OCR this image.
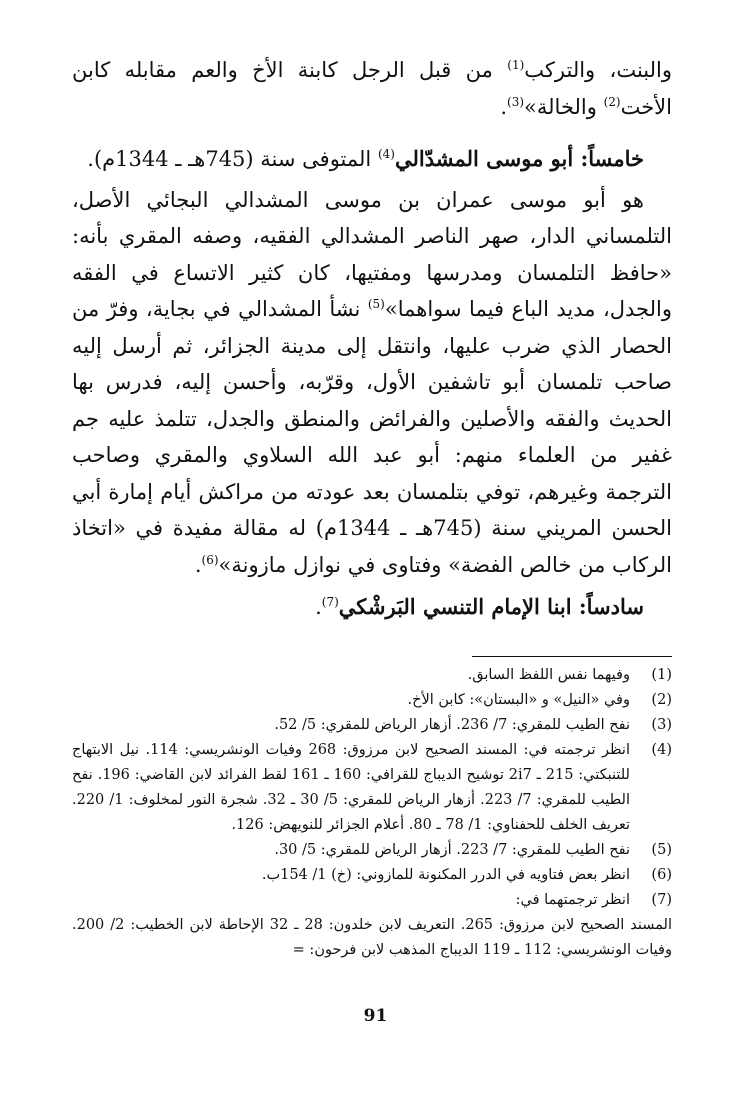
والبنت، والتركب$^{(1)}$ من قبل الرجل كابنة الأخ والعم مقابله كابن الأخت$^{(2)}$ والخالة»$^{(3)}$.

خامساً: أبو موسى المشدّالي$^{(4)}$ المتوفى سنة (745هـ ـ 1344م).

هو أبو موسى عمران بن موسى المشدالي البجائي الأصل، التلمساني الدار، صهر الناصر المشدالي الفقيه، وصفه المقري بأنه: «حافظ التلمسان ومدرسها ومفتيها، كان كثير الاتساع في الفقه والجدل، مديد الباع فيما سواهما»$^{(5)}$ نشأ المشدالي في بجاية، وفرّ من الحصار الذي ضرب عليها، وانتقل إلى مدينة الجزائر، ثم أرسل إليه صاحب تلمسان أبو تاشفين الأول، وقرّبه، وأحسن إليه، فدرس بها الحديث والفقه والأصلين والفرائض والمنطق والجدل، تتلمذ عليه جم غفير من العلماء منهم: أبو عبد الله السلاوي والمقري وصاحب الترجمة وغيرهم، توفي بتلمسان بعد عودته من مراكش أيام إمارة أبي الحسن المريني سنة (745هـ ـ 1344م) له مقالة مفيدة في «اتخاذ الركاب من خالص الفضة» وفتاوى في نوازل مازونة»$^{(6)}$.

سادساً: ابنا الإمام التنسي البَرشْكي$^{(7)}$.

(1)
وفيهما نفس اللفظ السابق.
(2)
وفي «النيل» و «البستان»: كابن الأخ.
(3)
نفح الطيب للمقري: 7/ 236. أزهار الرياض للمقري: 5/ 52.
(4)
انظر ترجمته في: المسند الصحيح لابن مرزوق: 268 وفيات الونشريسي: 114. نيل الابتهاج للتنبكتي: 215 ـ 2i7 توشيح الديباج للقرافي: 160 ـ 161 لقط الفرائد لابن القاضي: 196. نفح الطيب للمقري: 7/ 223. أزهار الرياض للمقري: 5/ 30 ـ 32. شجرة النور لمخلوف: 1/ 220. تعريف الخلف للحفناوي: 1/ 78 ـ 80. أعلام الجزائر للنويهض: 126.
(5)
نفح الطيب للمقري: 7/ 223. أزهار الرياض للمقري: 5/ 30.
(6)
انظر بعض فتاويه في الدرر المكنونة للمازوني: (خ) 1/ 154ب.
(7)
انظر ترجمتهما في:

المسند الصحيح لابن مرزوق: 265. التعريف لابن خلدون: 28 ـ 32 الإحاطة لابن الخطيب: 2/ 200. وفيات الونشريسي: 112 ـ 119 الديباج المذهب لابن فرحون: =

91
